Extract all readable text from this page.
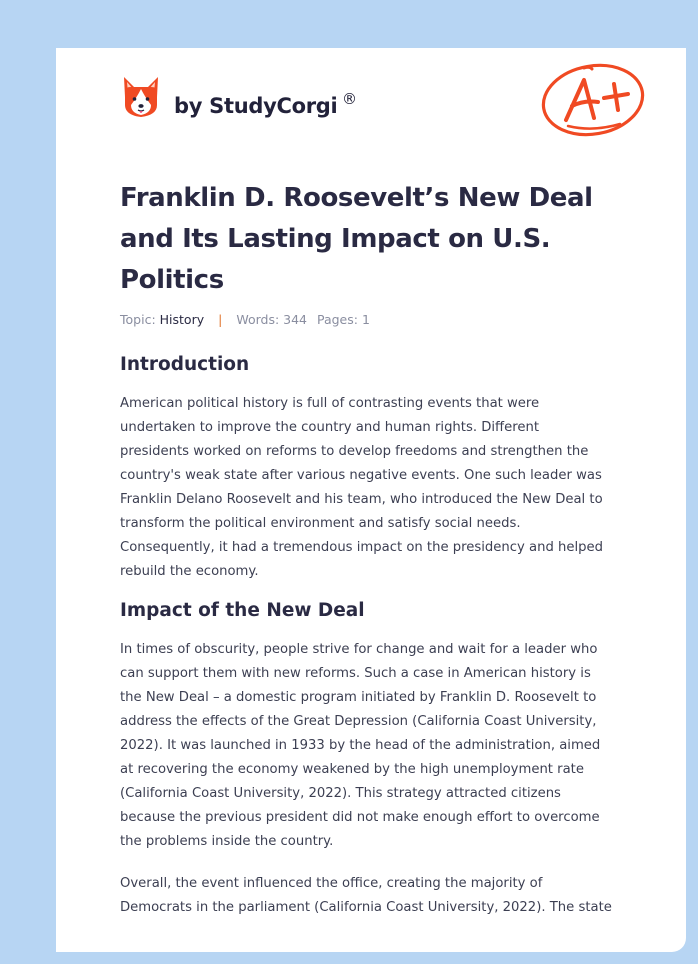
by StudyCorgi ®
Franklin D. Roosevelt’s New Deal
and Its Lasting Impact on U.S.
Politics
Topic: History | Words: 344 Pages: 1
Introduction

American political history is full of contrasting events that were
undertaken to improve the country and human rights. Different
presidents worked on reforms to develop freedoms and strengthen the
country's weak state after various negative events. One such leader was
Franklin Delano Roosevelt and his team, who introduced the New Deal to
transform the political environment and satisfy social needs.
Consequently, it had a tremendous impact on the presidency and helped
rebuild the economy.

Impact of the New Deal

In times of obscurity, people strive for change and wait for a leader who
can support them with new reforms. Such a case in American history is
the New Deal – a domestic program initiated by Franklin D. Roosevelt to
address the effects of the Great Depression (California Coast University,
2022). It was launched in 1933 by the head of the administration, aimed
at recovering the economy weakened by the high unemployment rate
(California Coast University, 2022). This strategy attracted citizens
because the previous president did not make enough effort to overcome
the problems inside the country.

Overall, the event influenced the office, creating the majority of
Democrats in the parliament (California Coast University, 2022). The state
